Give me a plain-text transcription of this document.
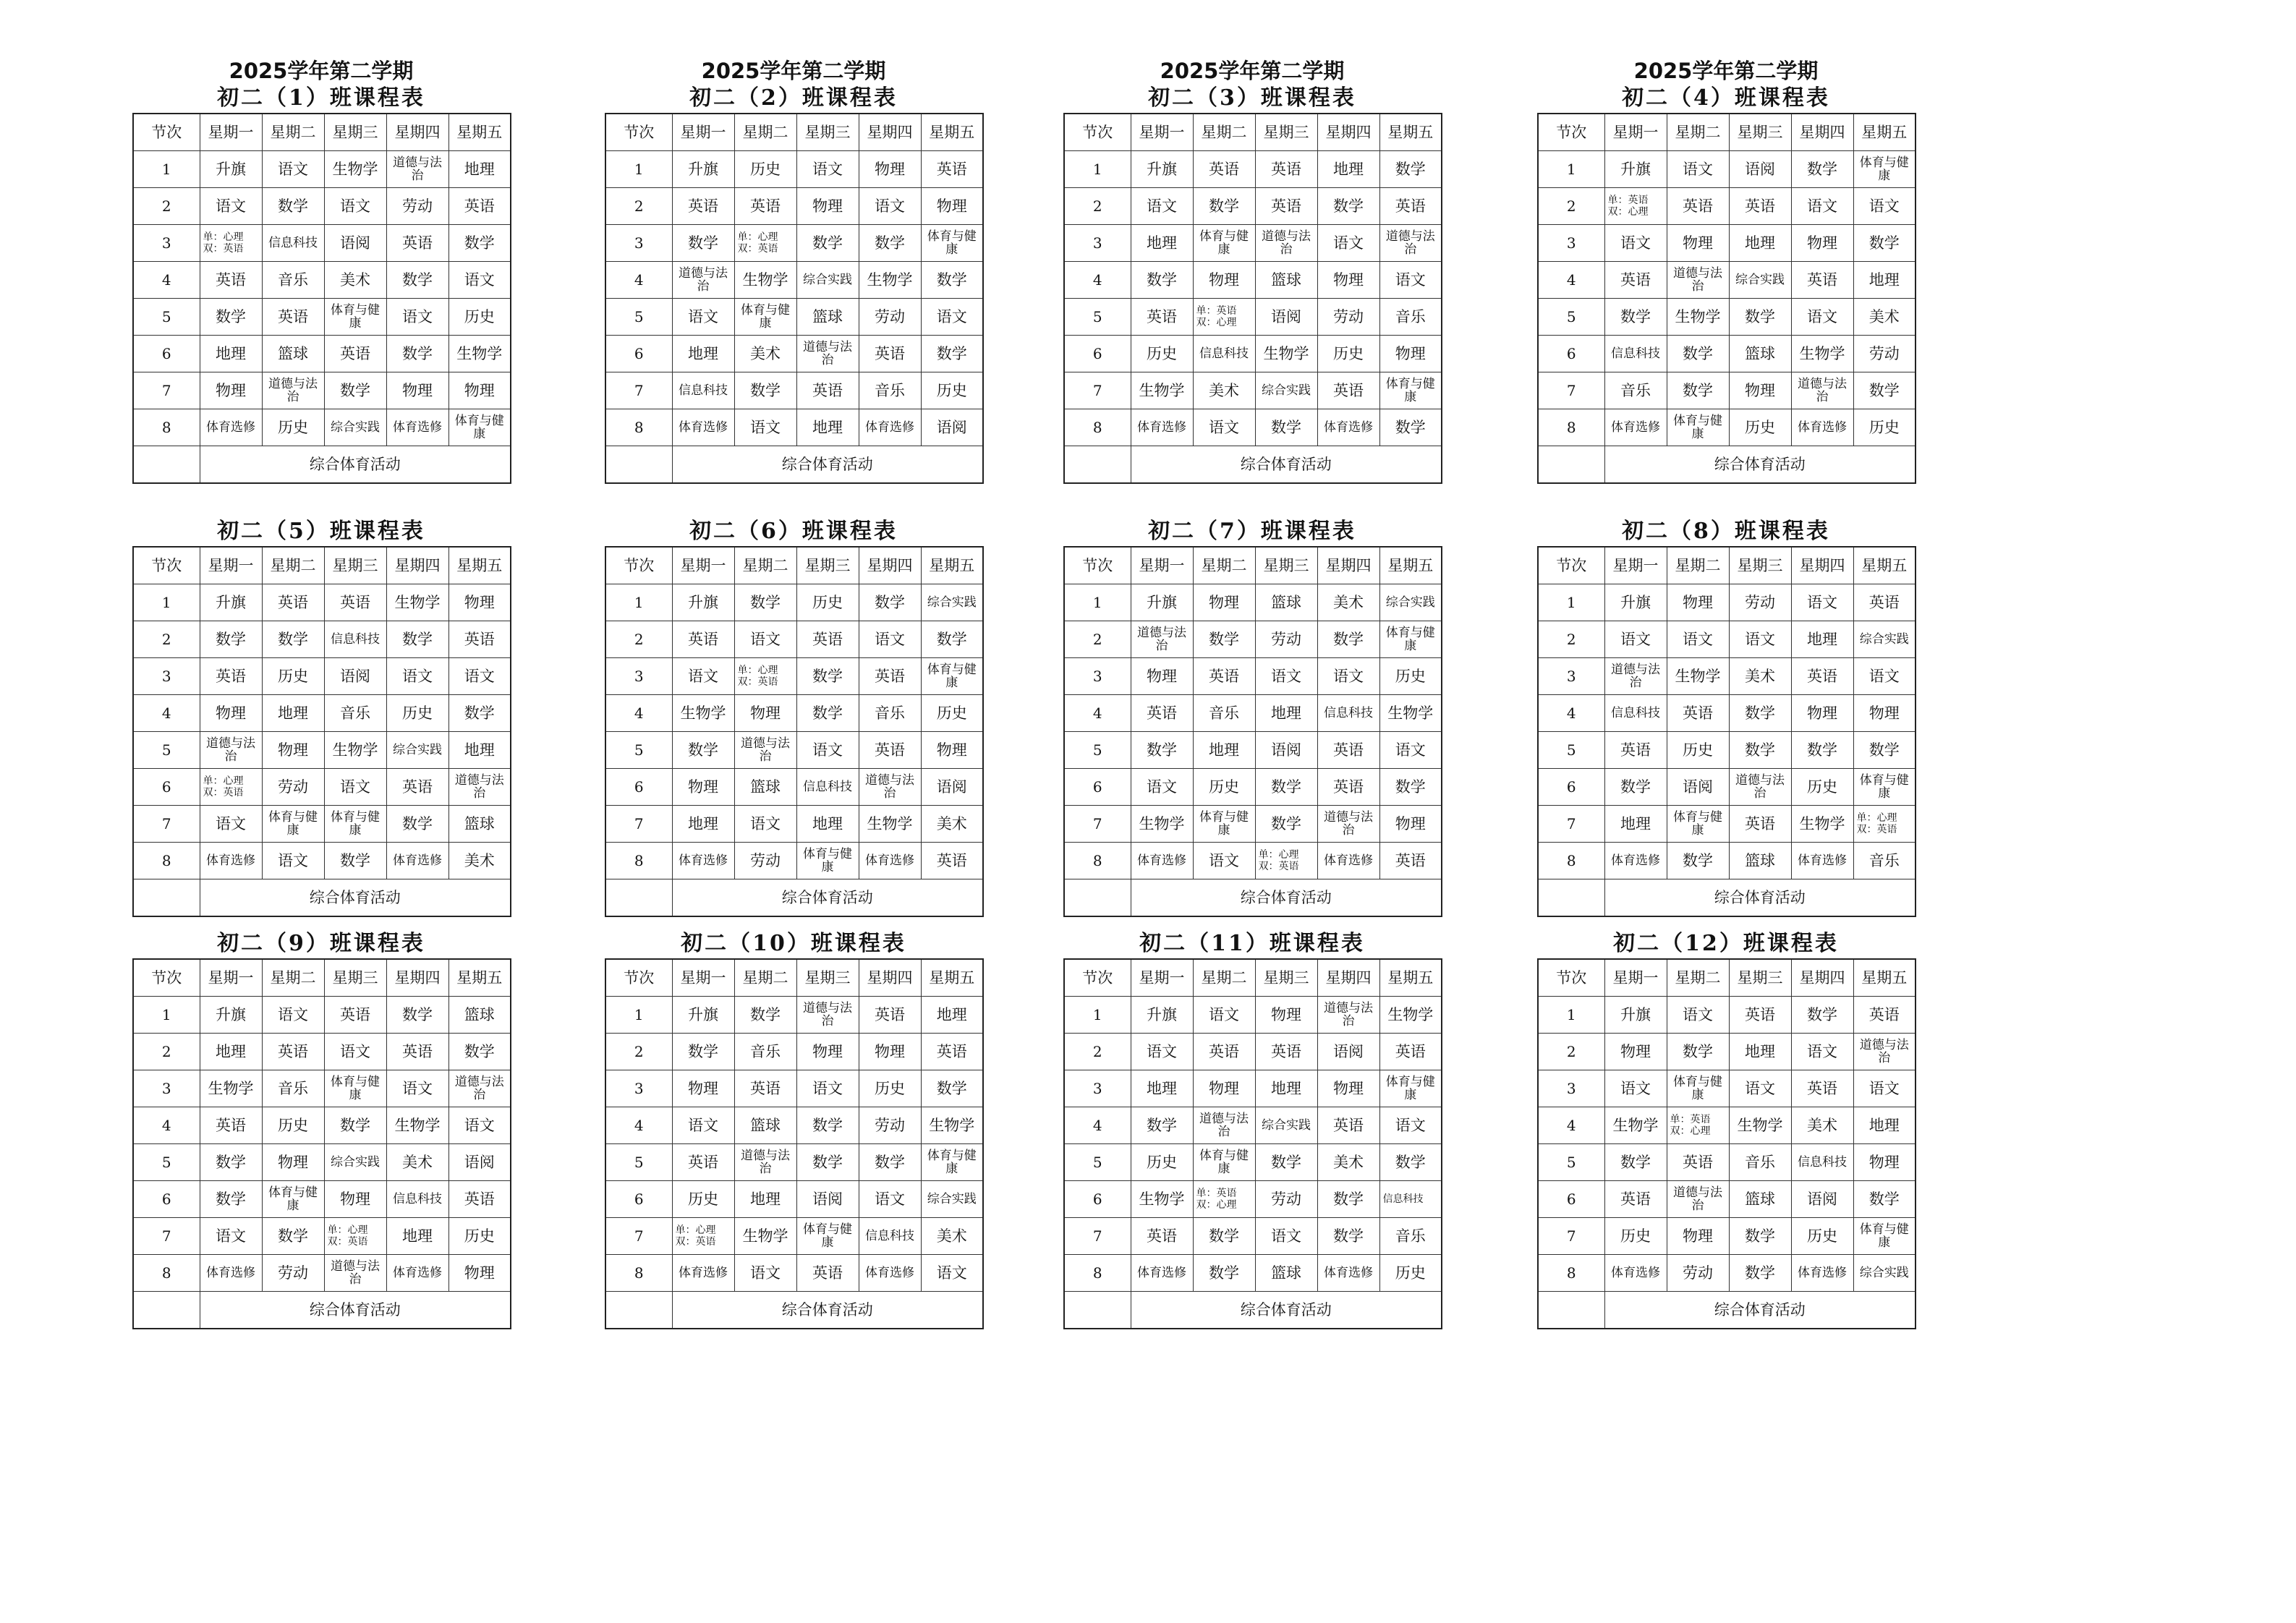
2025学年第二学期
初二（1）班课程表
节次	星期一	星期二	星期三	星期四	星期五
1	升旗	语文	生物学	道德与法治	地理
2	语文	数学	语文	劳动	英语
3	单：心理 双：英语	信息科技	语阅	英语	数学
4	英语	音乐	美术	数学	语文
5	数学	英语	体育与健康	语文	历史
6	地理	篮球	英语	数学	生物学
7	物理	道德与法治	数学	物理	物理
8	体育选修	历史	综合实践	体育选修	体育与健康
	综合体育活动				
2025学年第二学期
初二（2）班课程表
节次	星期一	星期二	星期三	星期四	星期五
1	升旗	历史	语文	物理	英语
2	英语	英语	物理	语文	物理
3	数学	单：心理 双：英语	数学	数学	体育与健康
4	道德与法治	生物学	综合实践	生物学	数学
5	语文	体育与健康	篮球	劳动	语文
6	地理	美术	道德与法治	英语	数学
7	信息科技	数学	英语	音乐	历史
8	体育选修	语文	地理	体育选修	语阅
	综合体育活动				
2025学年第二学期
初二（3）班课程表
节次	星期一	星期二	星期三	星期四	星期五
1	升旗	英语	英语	地理	数学
2	语文	数学	英语	数学	英语
3	地理	体育与健康	道德与法治	语文	道德与法治
4	数学	物理	篮球	物理	语文
5	英语	单：英语 双：心理	语阅	劳动	音乐
6	历史	信息科技	生物学	历史	物理
7	生物学	美术	综合实践	英语	体育与健康
8	体育选修	语文	数学	体育选修	数学
	综合体育活动				
2025学年第二学期
初二（4）班课程表
节次	星期一	星期二	星期三	星期四	星期五
1	升旗	语文	语阅	数学	体育与健康
2	单：英语 双：心理	英语	英语	语文	语文
3	语文	物理	地理	物理	数学
4	英语	道德与法治	综合实践	英语	地理
5	数学	生物学	数学	语文	美术
6	信息科技	数学	篮球	生物学	劳动
7	音乐	数学	物理	道德与法治	数学
8	体育选修	体育与健康	历史	体育选修	历史
	综合体育活动				
初二（5）班课程表
节次	星期一	星期二	星期三	星期四	星期五
1	升旗	英语	英语	生物学	物理
2	数学	数学	信息科技	数学	英语
3	英语	历史	语阅	语文	语文
4	物理	地理	音乐	历史	数学
5	道德与法治	物理	生物学	综合实践	地理
6	单：心理 双：英语	劳动	语文	英语	道德与法治
7	语文	体育与健康	体育与健康	数学	篮球
8	体育选修	语文	数学	体育选修	美术
	综合体育活动				
初二（6）班课程表
节次	星期一	星期二	星期三	星期四	星期五
1	升旗	数学	历史	数学	综合实践
2	英语	语文	英语	语文	数学
3	语文	单：心理 双：英语	数学	英语	体育与健康
4	生物学	物理	数学	音乐	历史
5	数学	道德与法治	语文	英语	物理
6	物理	篮球	信息科技	道德与法治	语阅
7	地理	语文	地理	生物学	美术
8	体育选修	劳动	体育与健康	体育选修	英语
	综合体育活动				
初二（7）班课程表
节次	星期一	星期二	星期三	星期四	星期五
1	升旗	物理	篮球	美术	综合实践
2	道德与法治	数学	劳动	数学	体育与健康
3	物理	英语	语文	语文	历史
4	英语	音乐	地理	信息科技	生物学
5	数学	地理	语阅	英语	语文
6	语文	历史	数学	英语	数学
7	生物学	体育与健康	数学	道德与法治	物理
8	体育选修	语文	单：心理 双：英语	体育选修	英语
	综合体育活动				
初二（8）班课程表
节次	星期一	星期二	星期三	星期四	星期五
1	升旗	物理	劳动	语文	英语
2	语文	语文	语文	地理	综合实践
3	道德与法治	生物学	美术	英语	语文
4	信息科技	英语	数学	物理	物理
5	英语	历史	数学	数学	数学
6	数学	语阅	道德与法治	历史	体育与健康
7	地理	体育与健康	英语	生物学	单：心理 双：英语
8	体育选修	数学	篮球	体育选修	音乐
	综合体育活动				
初二（9）班课程表
节次	星期一	星期二	星期三	星期四	星期五
1	升旗	语文	英语	数学	篮球
2	地理	英语	语文	英语	数学
3	生物学	音乐	体育与健康	语文	道德与法治
4	英语	历史	数学	生物学	语文
5	数学	物理	综合实践	美术	语阅
6	数学	体育与健康	物理	信息科技	英语
7	语文	数学	单：心理 双：英语	地理	历史
8	体育选修	劳动	道德与法治	体育选修	物理
	综合体育活动				
初二（10）班课程表
节次	星期一	星期二	星期三	星期四	星期五
1	升旗	数学	道德与法治	英语	地理
2	数学	音乐	物理	物理	英语
3	物理	英语	语文	历史	数学
4	语文	篮球	数学	劳动	生物学
5	英语	道德与法治	数学	数学	体育与健康
6	历史	地理	语阅	语文	综合实践
7	单：心理 双：英语	生物学	体育与健康	信息科技	美术
8	体育选修	语文	英语	体育选修	语文
	综合体育活动				
初二（11）班课程表
节次	星期一	星期二	星期三	星期四	星期五
1	升旗	语文	物理	道德与法治	生物学
2	语文	英语	英语	语阅	英语
3	地理	物理	地理	物理	体育与健康
4	数学	道德与法治	综合实践	英语	语文
5	历史	体育与健康	数学	美术	数学
6	生物学	单：英语 双：心理	劳动	数学	信息科技
7	英语	数学	语文	数学	音乐
8	体育选修	数学	篮球	体育选修	历史
	综合体育活动				
初二（12）班课程表
节次	星期一	星期二	星期三	星期四	星期五
1	升旗	语文	英语	数学	英语
2	物理	数学	地理	语文	道德与法治
3	语文	体育与健康	语文	英语	语文
4	生物学	单：英语 双：心理	生物学	美术	地理
5	数学	英语	音乐	信息科技	物理
6	英语	道德与法治	篮球	语阅	数学
7	历史	物理	数学	历史	体育与健康
8	体育选修	劳动	数学	体育选修	综合实践
	综合体育活动				
